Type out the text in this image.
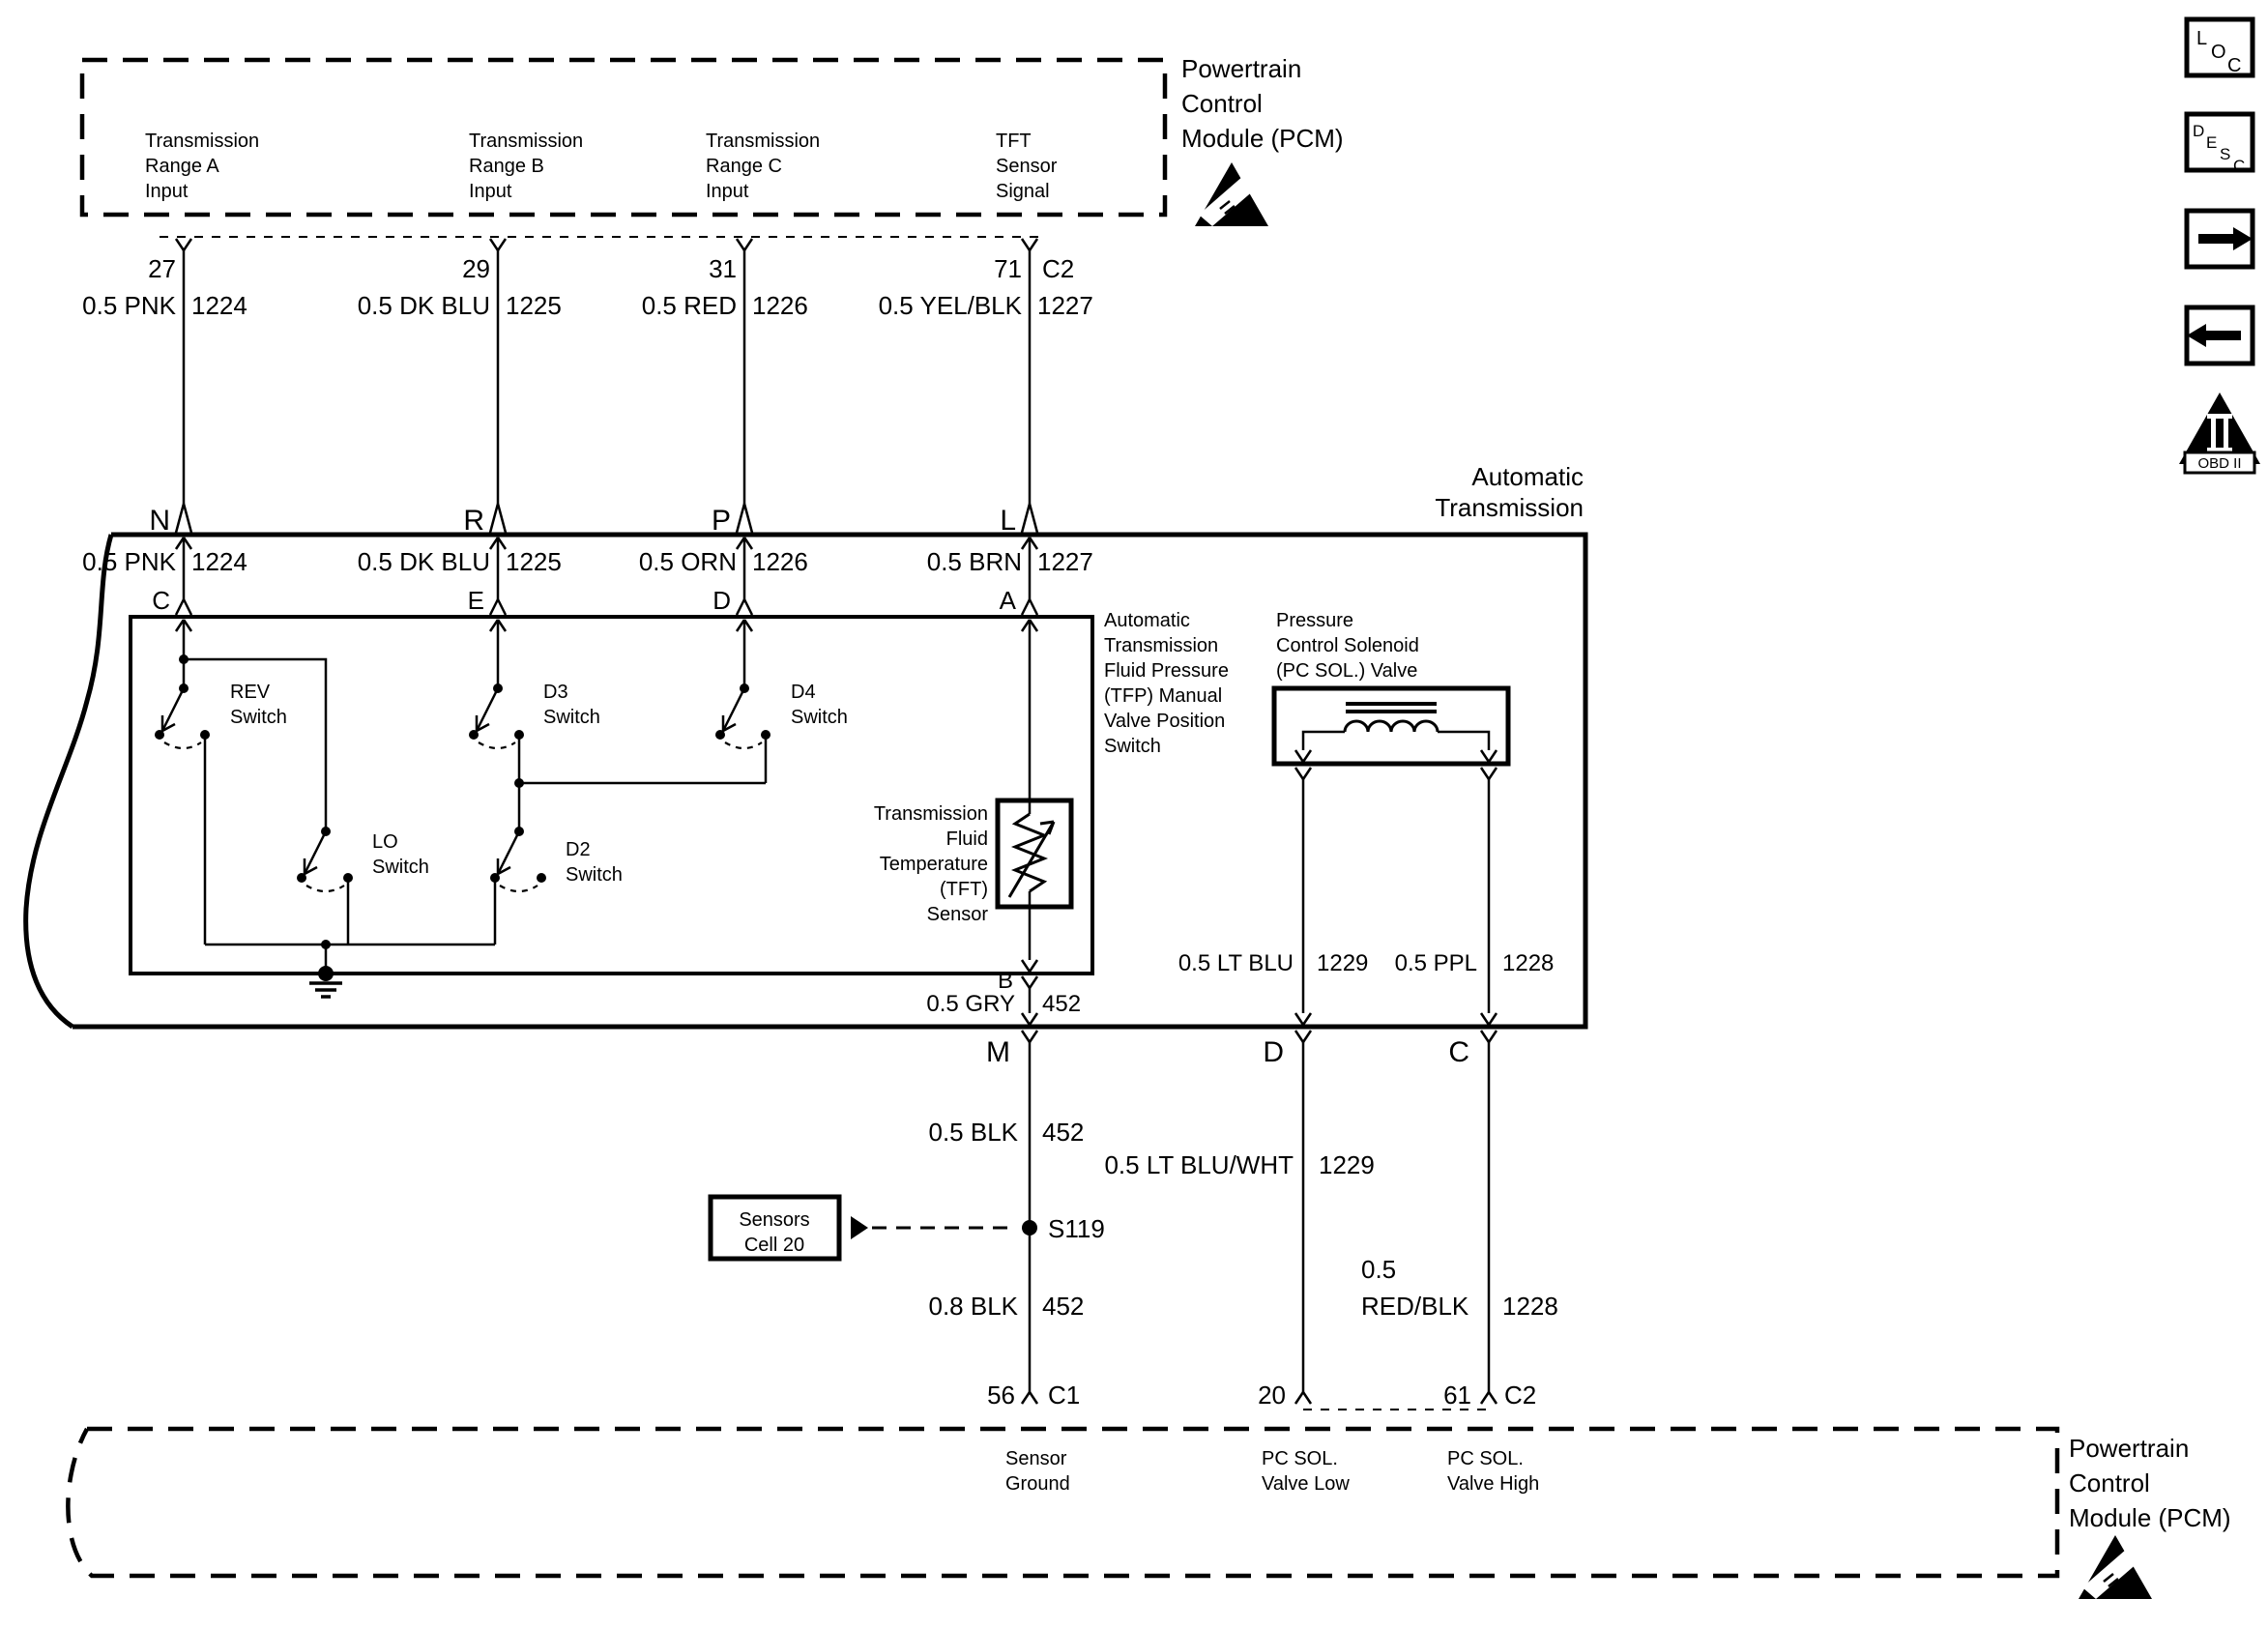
Transmission
Range A
Input
Transmission
Range B
Input
Transmission
Range C
Input
TFT
Sensor
Signal
Powertrain
Control
Module (PCM)
27	29	31	71 C2
0.5 PNK 1224	0.5 DK BLU 1225	0.5 RED 1226	0.5 YEL/BLK 1227
N	R	P	L
Automatic
Transmission
0.5 PNK 1224	0.5 DK BLU 1225	0.5 ORN 1226	0.5 BRN 1227
C	E	D	A
Automatic
Transmission
Fluid Pressure
(TFP) Manual
Valve Position
Switch
REV
Switch
LO
Switch
D3
Switch
D4
Switch
D2
Switch
Transmission
Fluid
Temperature
(TFT)
Sensor
B
0.5 GRY 452
M
Pressure
Control Solenoid
(PC SOL.) Valve
0.5 LT BLU 1229 0.5 PPL 1228
D	C
0.5 BLK 452
0.5 LT BLU/WHT 1229
0.8 BLK 452
0.5
RED/BLK 1228
Sensors
Cell 20
S119
56 C1	20	61 C2
Sensor
Ground
PC SOL.
Valve Low
PC SOL.
Valve High
Powertrain
Control
Module (PCM)
L
O
C
D
E
S
C
OBD II
